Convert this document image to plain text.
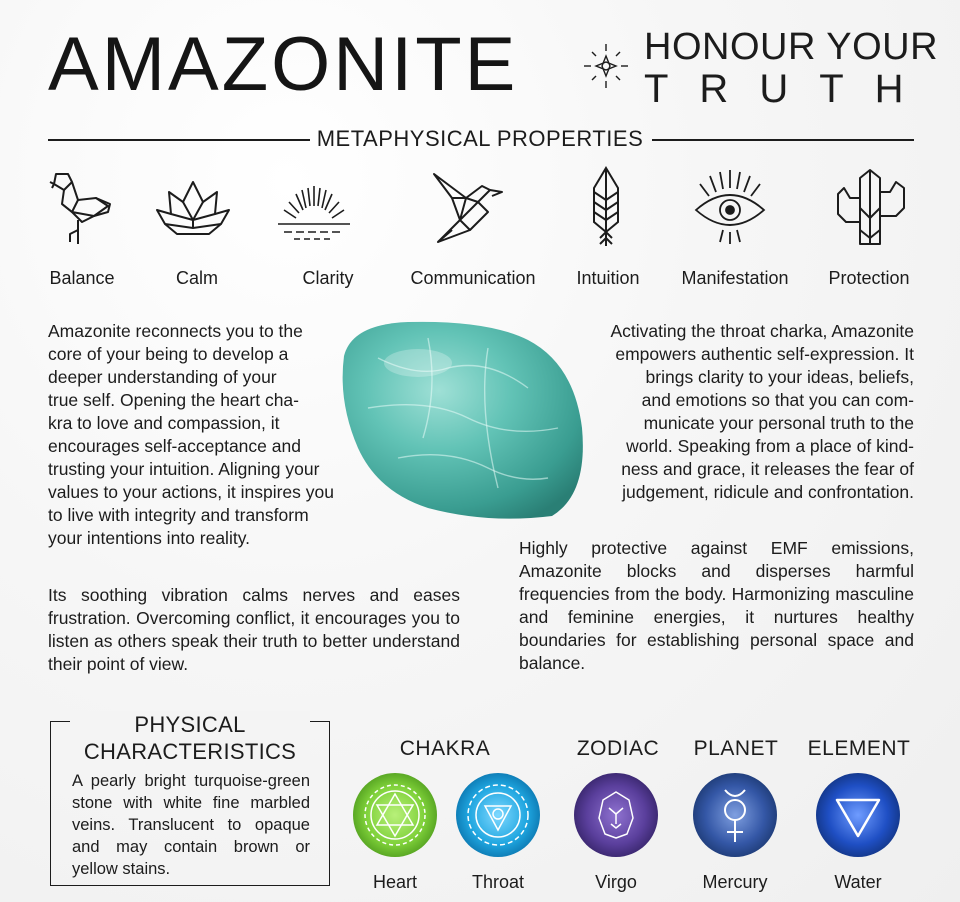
AMAZONITE	HONOUR YOUR
TRUTH
METAPHYSICAL PROPERTIES
Balance	Calm	Clarity	Communication	Intuition	Manifestation	Protection
Amazonite reconnects you to the
core of your being to develop a
deeper understanding of your
true self. Opening the heart cha-
kra to love and compassion, it
encourages self-acceptance and
trusting your intuition. Aligning your
values to your actions, it inspires you
to live with integrity and transform
your intentions into reality.
Its soothing vibration calms nerves and eases frustration. Overcoming conflict, it encourages you to listen as others speak their truth to better understand their point of view.
Activating the throat charka, Amazonite
empowers authentic self-expression. It
brings clarity to your ideas, beliefs,
and emotions so that you can com-
municate your personal truth to the
world. Speaking from a place of kind-
ness and grace, it releases the fear of
judgement, ridicule and confrontation.
Highly protective against EMF emissions, Amazonite blocks and disperses harmful frequencies from the body. Harmonizing masculine and feminine energies, it nurtures healthy boundaries for establishing personal space and balance.
PHYSICAL
CHARACTERISTICS
A pearly bright turquoise-green stone with white fine marbled veins. Translucent to opaque and may contain brown or yellow stains.
CHAKRA	ZODIAC	PLANET	ELEMENT
Heart	Throat	Virgo	Mercury	Water
